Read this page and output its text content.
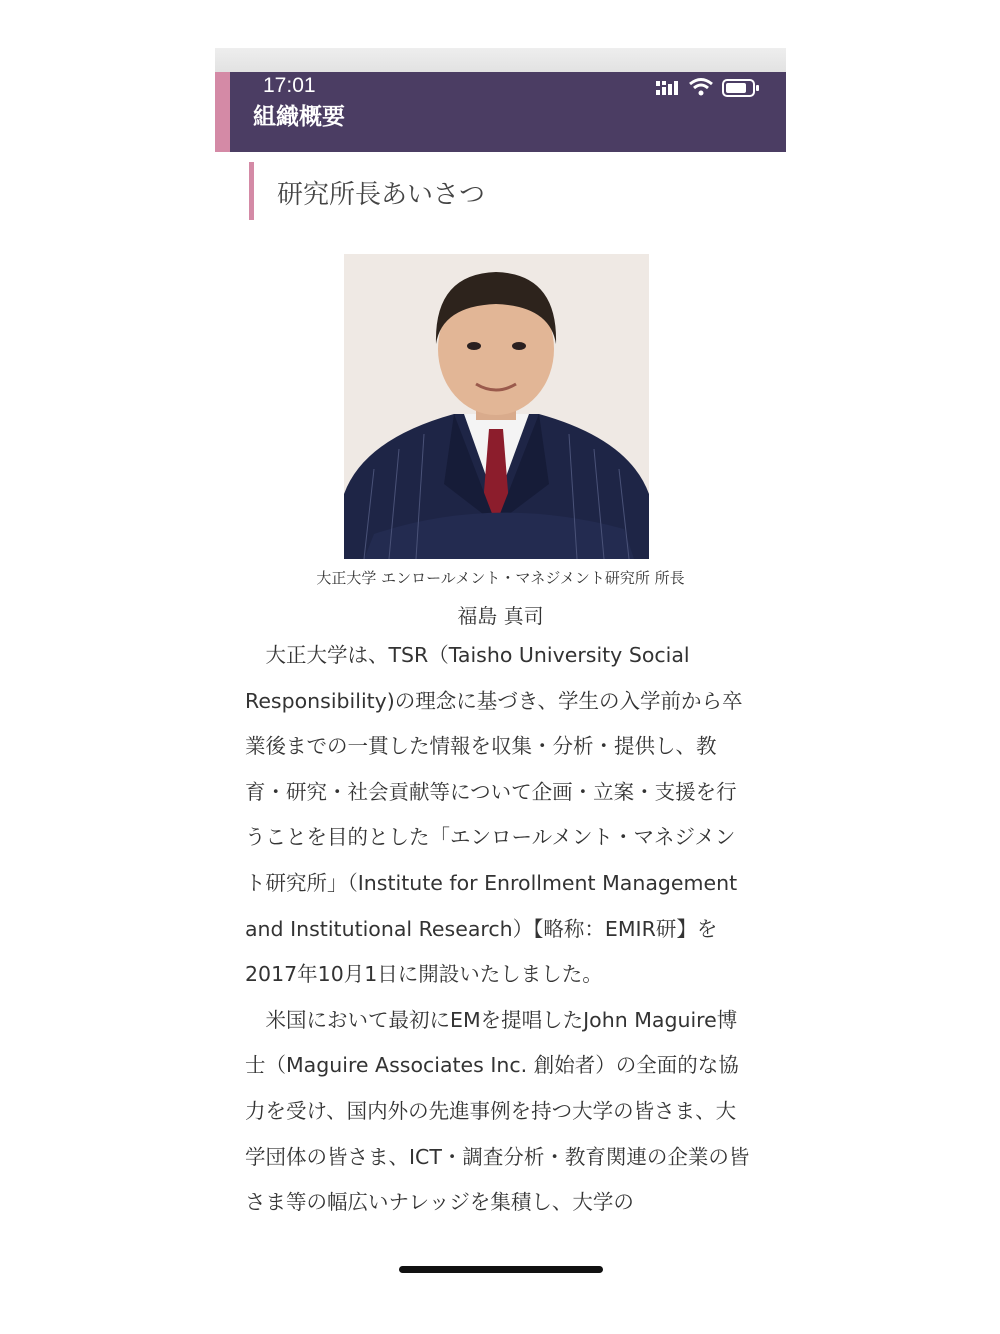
17:01
組織概要
研究所長あいさつ
大正大学 エンロールメント・マネジメント研究所 所長
福島 真司

大正大学は、TSR（Taisho University Social Responsibility)の理念に基づき、学生の入学前から卒業後までの一貫した情報を収集・分析・提供し、教育・研究・社会貢献等について企画・立案・支援を行うことを目的とした「エンロールメント・マネジメント研究所」（Institute for Enrollment Management and Institutional Research）【略称：EMIR研】を2017年10月1日に開設いたしました。

米国において最初にEMを提唱したJohn Maguire博士（Maguire Associates Inc. 創始者）の全面的な協力を受け、国内外の先進事例を持つ大学の皆さま、大学団体の皆さま、ICT・調査分析・教育関連の企業の皆さま等の幅広いナレッジを集積し、大学の
